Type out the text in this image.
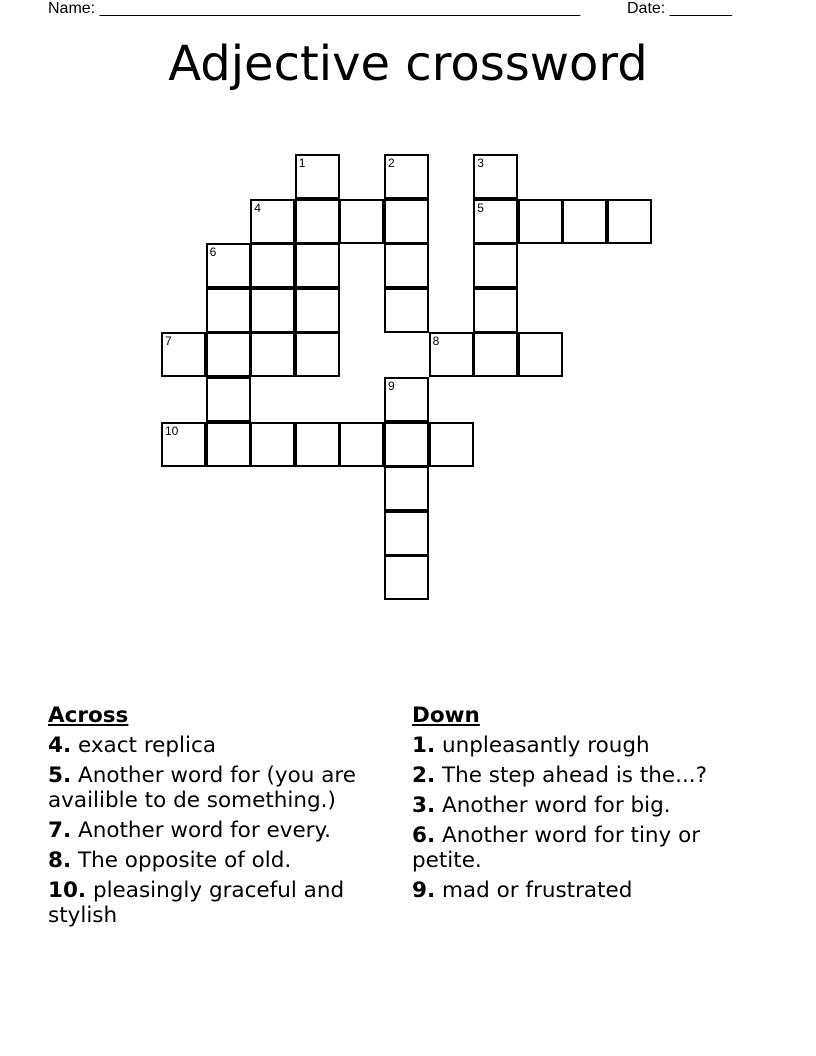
Name: ______________________________________________________	Date: _______
Adjective crossword
1	2	3
4	5
6
7	8
9
10
Across
4. exact replica
5. Another word for (you are availible to de something.)
7. Another word for every.
8. The opposite of old.
10. pleasingly graceful and stylish
Down
1. unpleasantly rough
2. The step ahead is the...?
3. Another word for big.
6. Another word for tiny or petite.
9. mad or frustrated
